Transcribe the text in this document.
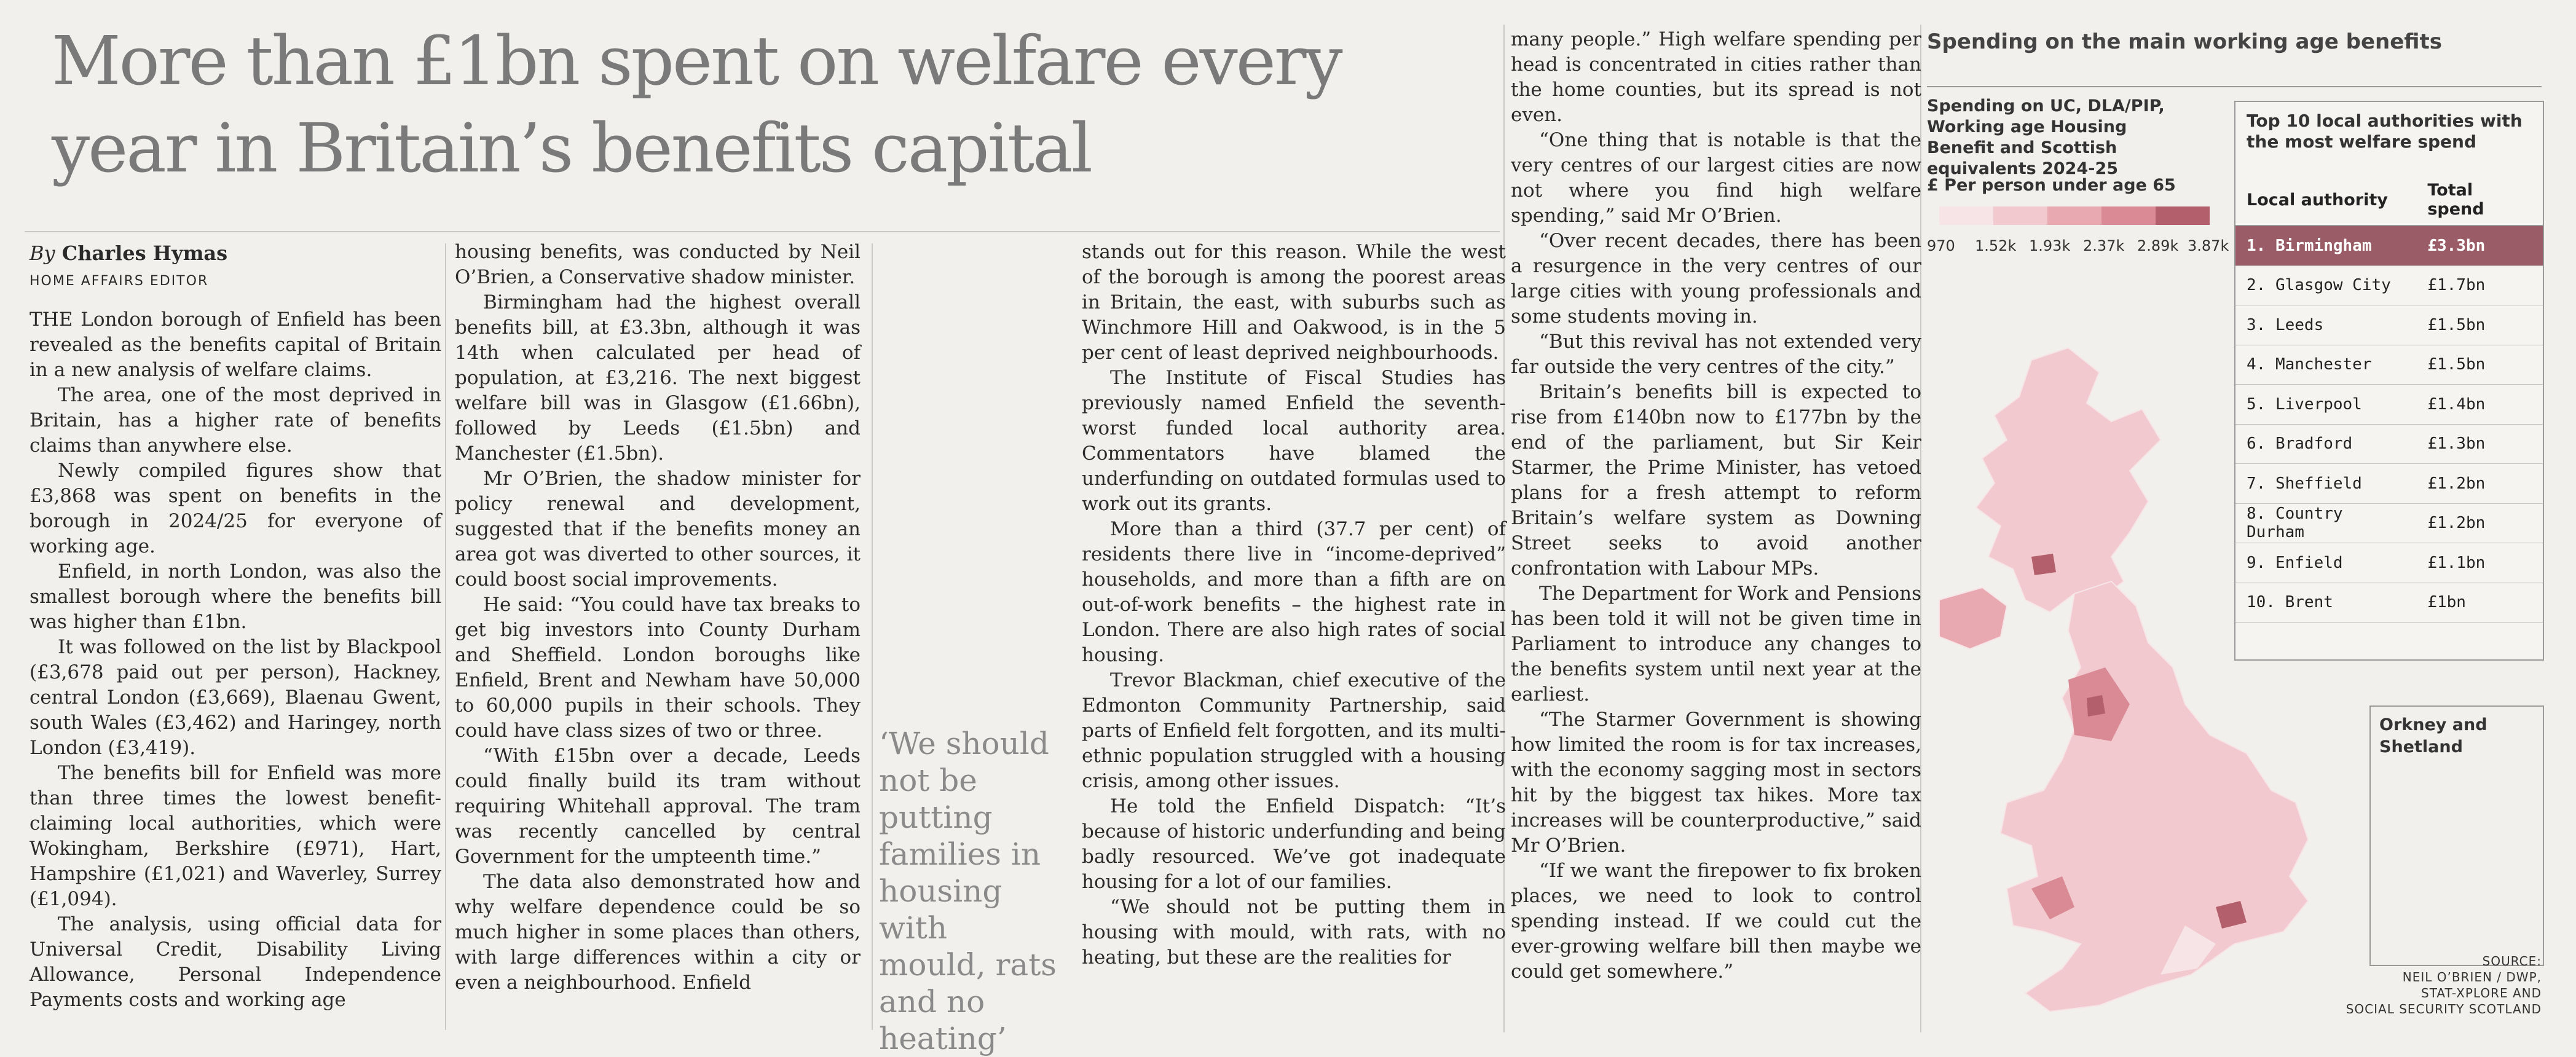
More than £1bn spent on welfare every year in Britain’s benefits capital
By Charles Hymas
HOME AFFAIRS EDITOR

THE London borough of Enfield has been revealed as the benefits capital of Britain in a new analysis of welfare claims.

The area, one of the most deprived in Britain, has a higher rate of benefits claims than anywhere else.

Newly compiled figures show that £3,868 was spent on benefits in the borough in 2024/25 for everyone of working age.

Enfield, in north London, was also the smallest borough where the benefits bill was higher than £1bn.

It was followed on the list by Blackpool (£3,678 paid out per person), Hackney, central London (£3,669), Blaenau Gwent, south Wales (£3,462) and Haringey, north London (£3,419).

The benefits bill for Enfield was more than three times the lowest benefit-claiming local authorities, which were Wokingham, Berkshire (£971), Hart, Hampshire (£1,021) and Waverley, Surrey (£1,094).

The analysis, using official data for Universal Credit, Disability Living Allowance, Personal Independence Payments costs and working age

housing benefits, was conducted by Neil O’Brien, a Conservative shadow minister.

Birmingham had the highest overall benefits bill, at £3.3bn, although it was 14th when calculated per head of population, at £3,216. The next biggest welfare bill was in Glasgow (£1.66bn), followed by Leeds (£1.5bn) and Manchester (£1.5bn).

Mr O’Brien, the shadow minister for policy renewal and development, suggested that if the benefits money an area got was diverted to other sources, it could boost social improvements.

He said: “You could have tax breaks to get big investors into County Durham and Sheffield. London boroughs like Enfield, Brent and Newham have 50,000 to 60,000 pupils in their schools. They could have class sizes of two or three.

“With £15bn over a decade, Leeds could finally build its tram without requiring Whitehall approval. The tram was recently cancelled by central Government for the umpteenth time.”

The data also demonstrated how and why welfare dependence could be so much higher in some places than others, with large differences within a city or even a neighbourhood. Enfield

‘We should not be putting families in housing with mould, rats and no heating’

stands out for this reason. While the west of the borough is among the poorest areas in Britain, the east, with suburbs such as Winchmore Hill and Oakwood, is in the 5 per cent of least deprived neighbourhoods.

The Institute of Fiscal Studies has previously named Enfield the seventh-worst funded local authority area. Commentators have blamed the underfunding on outdated formulas used to work out its grants.

More than a third (37.7 per cent) of residents there live in “income-deprived” households, and more than a fifth are on out-of-work benefits – the highest rate in London. There are also high rates of social housing.

Trevor Blackman, chief executive of the Edmonton Community Partnership, said parts of Enfield felt forgotten, and its multi-ethnic population struggled with a housing crisis, among other issues.

He told the Enfield Dispatch: “It’s because of historic underfunding and being badly resourced. We’ve got inadequate housing for a lot of our families.

“We should not be putting them in housing with mould, with rats, with no heating, but these are the realities for

many people.” High welfare spending per head is concentrated in cities rather than the home counties, but its spread is not even.

“One thing that is notable is that the very centres of our largest cities are now not where you find high welfare spending,” said Mr O’Brien.

“Over recent decades, there has been a resurgence in the very centres of our large cities with young professionals and some students moving in.

“But this revival has not extended very far outside the very centres of the city.”

Britain’s benefits bill is expected to rise from £140bn now to £177bn by the end of the parliament, but Sir Keir Starmer, the Prime Minister, has vetoed plans for a fresh attempt to reform Britain’s welfare system as Downing Street seeks to avoid another confrontation with Labour MPs.

The Department for Work and Pensions has been told it will not be given time in Parliament to introduce any changes to the benefits system until next year at the earliest.

“The Starmer Government is showing how limited the room is for tax increases, with the economy sagging most in sectors hit by the biggest tax hikes. More tax increases will be counterproductive,” said Mr O’Brien.

“If we want the firepower to fix broken places, we need to look to control spending instead. If we could cut the ever-growing welfare bill then maybe we could get somewhere.”

Spending on the main working age benefits
Spending on UC, DLA/PIP, Working age Housing Benefit and Scottish equivalents 2024-25
£ Per person under age 65
970 1.52k 1.93k 2.37k 2.89k 3.87k
Top 10 local authorities with the most welfare spend
Local authority	Total spend
1. Birmingham	£3.3bn
2. Glasgow City	£1.7bn
3. Leeds	£1.5bn
4. Manchester	£1.5bn
5. Liverpool	£1.4bn
6. Bradford	£1.3bn
7. Sheffield	£1.2bn
8. Country Durham	£1.2bn
9. Enfield	£1.1bn
10. Brent	£1bn
Orkney and Shetland
SOURCE:
NEIL O’BRIEN / DWP,
STAT-XPLORE AND
SOCIAL SECURITY SCOTLAND
